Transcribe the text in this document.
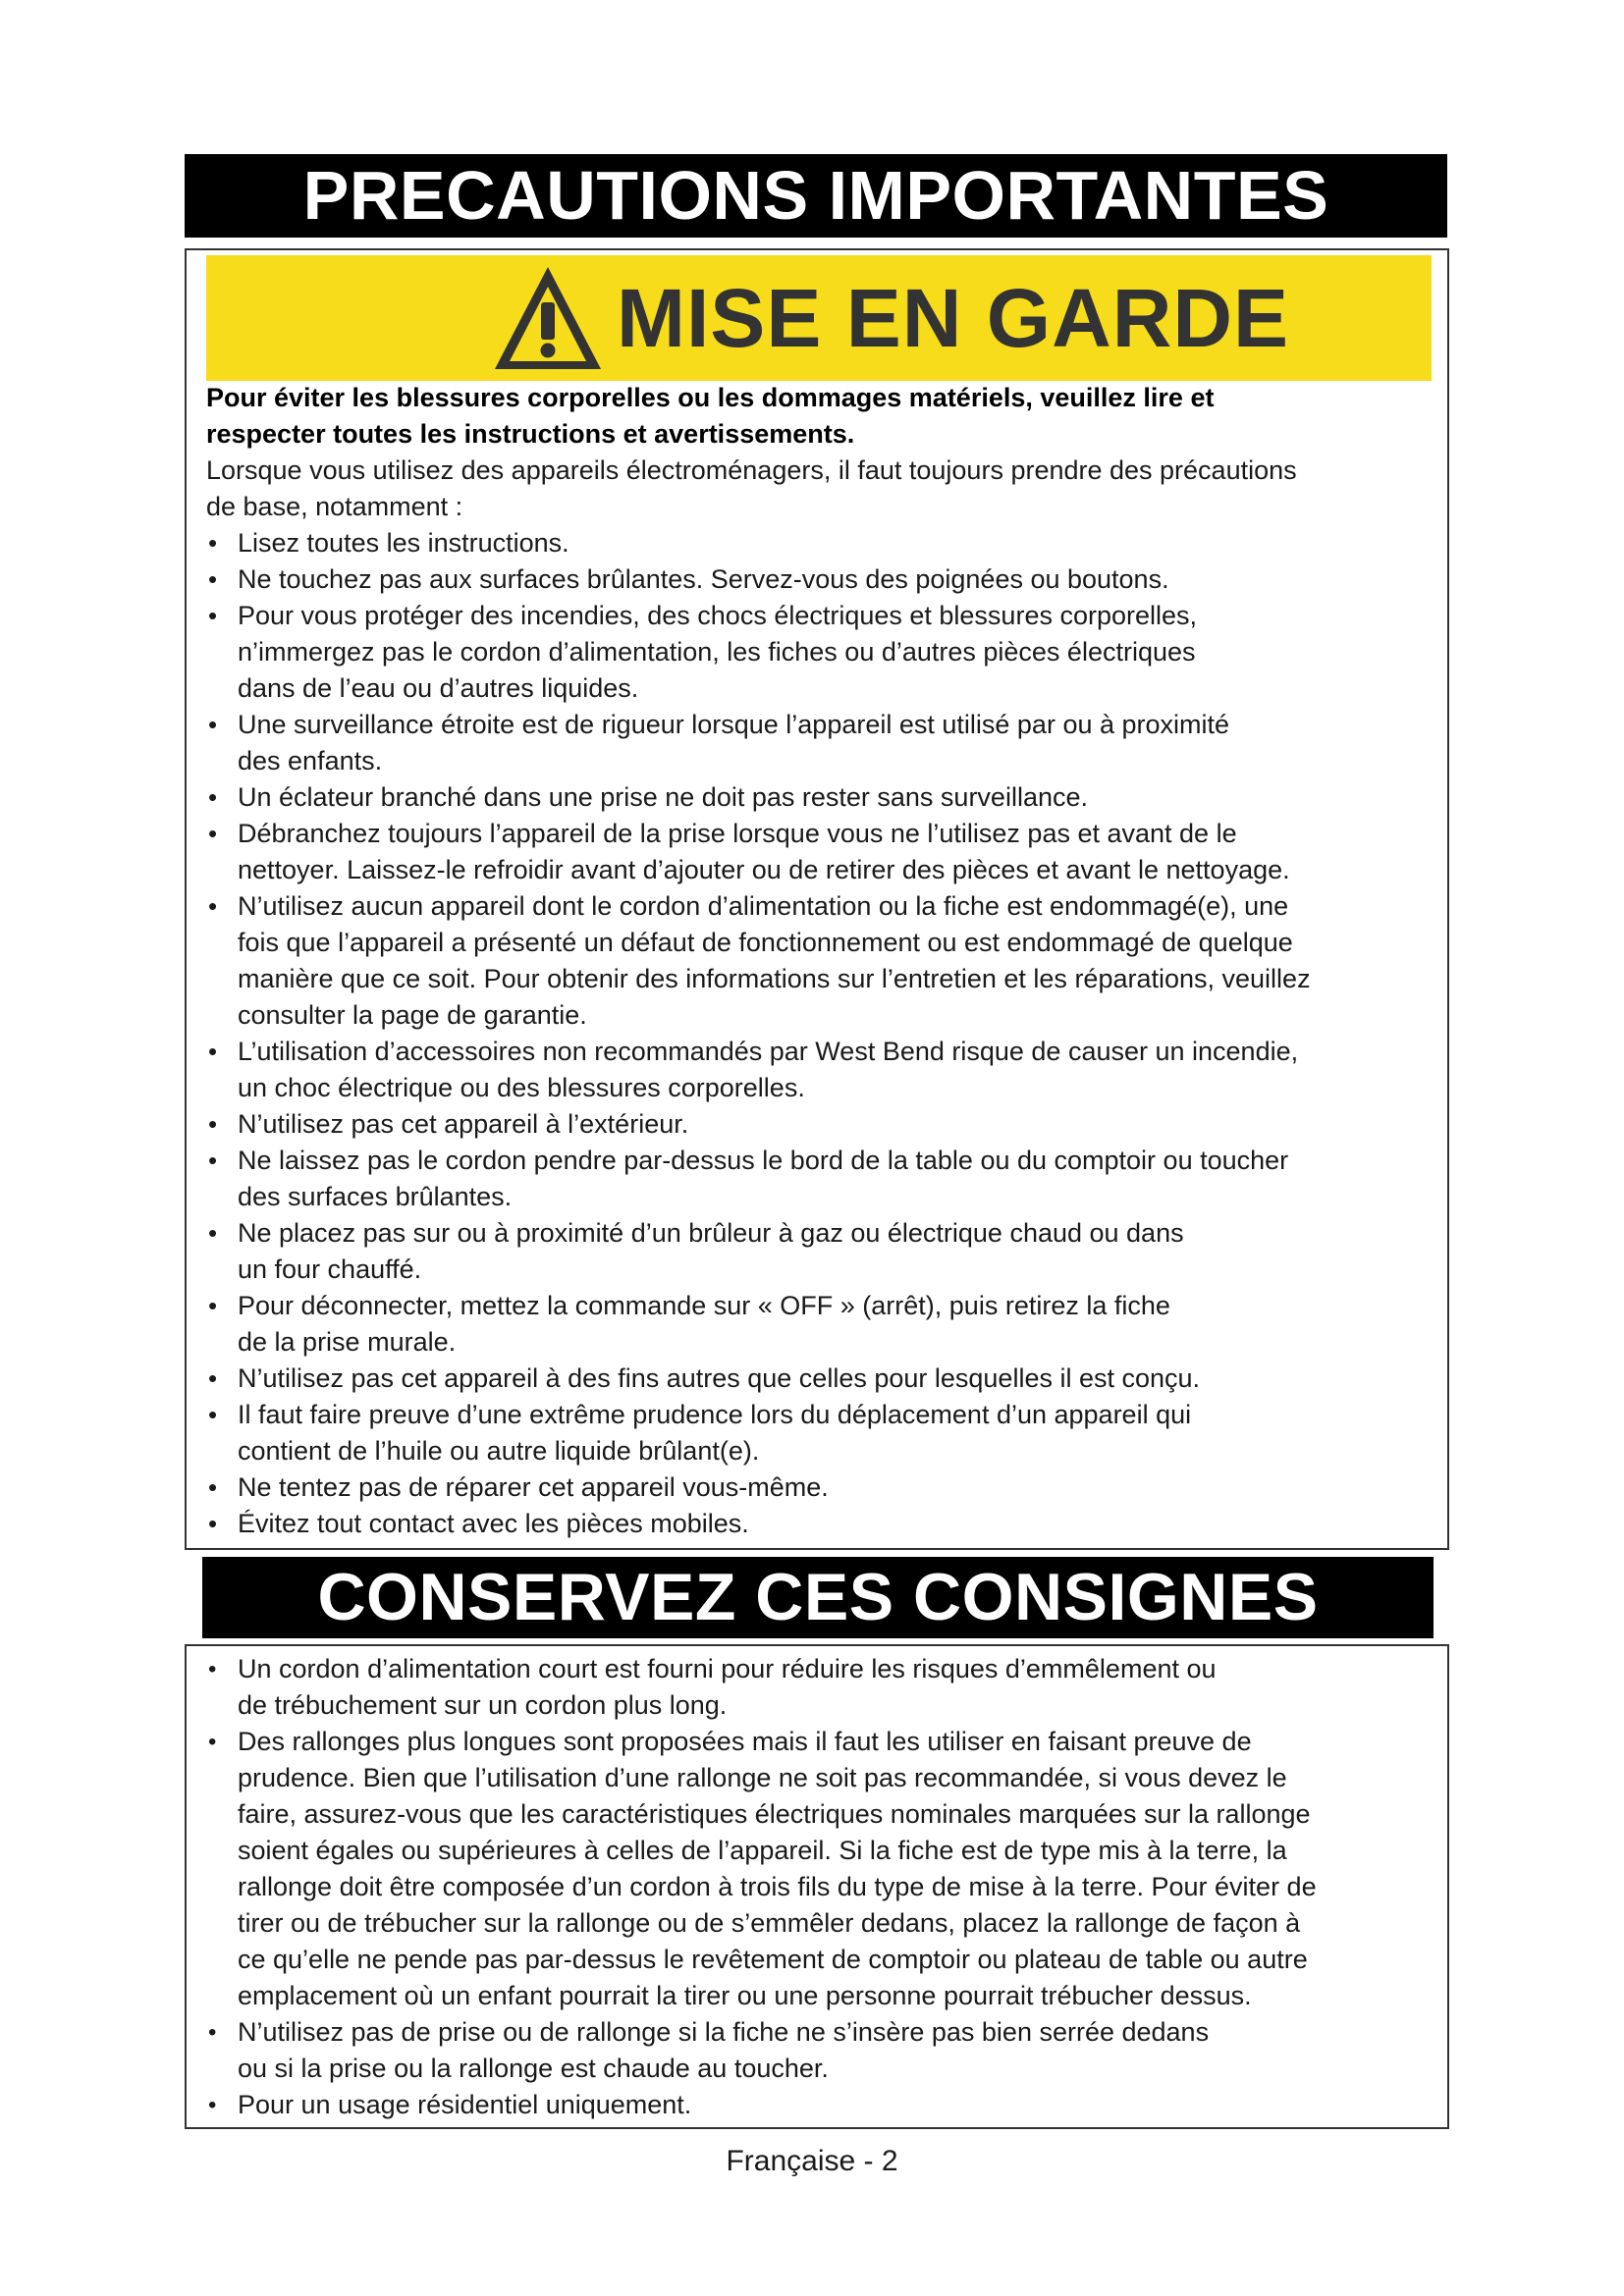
PRECAUTIONS IMPORTANTES
MISE EN GARDE
Pour éviter les blessures corporelles ou les dommages matériels, veuillez lire et
respecter toutes les instructions et avertissements.
Lorsque vous utilisez des appareils électroménagers, il faut toujours prendre des précautions
de base, notamment :
• Lisez toutes les instructions.
• Ne touchez pas aux surfaces brûlantes. Servez-vous des poignées ou boutons.
• Pour vous protéger des incendies, des chocs électriques et blessures corporelles,
n’immergez pas le cordon d’alimentation, les fiches ou d’autres pièces électriques
dans de l’eau ou d’autres liquides.
• Une surveillance étroite est de rigueur lorsque l’appareil est utilisé par ou à proximité
des enfants.
• Un éclateur branché dans une prise ne doit pas rester sans surveillance.
• Débranchez toujours l’appareil de la prise lorsque vous ne l’utilisez pas et avant de le
nettoyer. Laissez-le refroidir avant d’ajouter ou de retirer des pièces et avant le nettoyage.
• N’utilisez aucun appareil dont le cordon d’alimentation ou la fiche est endommagé(e), une
fois que l’appareil a présenté un défaut de fonctionnement ou est endommagé de quelque
manière que ce soit. Pour obtenir des informations sur l’entretien et les réparations, veuillez
consulter la page de garantie.
• L’utilisation d’accessoires non recommandés par West Bend risque de causer un incendie,
un choc électrique ou des blessures corporelles.
• N’utilisez pas cet appareil à l’extérieur.
• Ne laissez pas le cordon pendre par-dessus le bord de la table ou du comptoir ou toucher
des surfaces brûlantes.
• Ne placez pas sur ou à proximité d’un brûleur à gaz ou électrique chaud ou dans
un four chauffé.
• Pour déconnecter, mettez la commande sur « OFF » (arrêt), puis retirez la fiche
de la prise murale.
• N’utilisez pas cet appareil à des fins autres que celles pour lesquelles il est conçu.
• Il faut faire preuve d’une extrême prudence lors du déplacement d’un appareil qui
contient de l’huile ou autre liquide brûlant(e).
• Ne tentez pas de réparer cet appareil vous-même.
• Évitez tout contact avec les pièces mobiles.
CONSERVEZ CES CONSIGNES
• Un cordon d’alimentation court est fourni pour réduire les risques d’emmêlement ou
de trébuchement sur un cordon plus long.
• Des rallonges plus longues sont proposées mais il faut les utiliser en faisant preuve de
prudence. Bien que l’utilisation d’une rallonge ne soit pas recommandée, si vous devez le
faire, assurez-vous que les caractéristiques électriques nominales marquées sur la rallonge
soient égales ou supérieures à celles de l’appareil. Si la fiche est de type mis à la terre, la
rallonge doit être composée d’un cordon à trois fils du type de mise à la terre. Pour éviter de
tirer ou de trébucher sur la rallonge ou de s’emmêler dedans, placez la rallonge de façon à
ce qu’elle ne pende pas par-dessus le revêtement de comptoir ou plateau de table ou autre
emplacement où un enfant pourrait la tirer ou une personne pourrait trébucher dessus.
• N’utilisez pas de prise ou de rallonge si la fiche ne s’insère pas bien serrée dedans
ou si la prise ou la rallonge est chaude au toucher.
• Pour un usage résidentiel uniquement.
Française - 2
